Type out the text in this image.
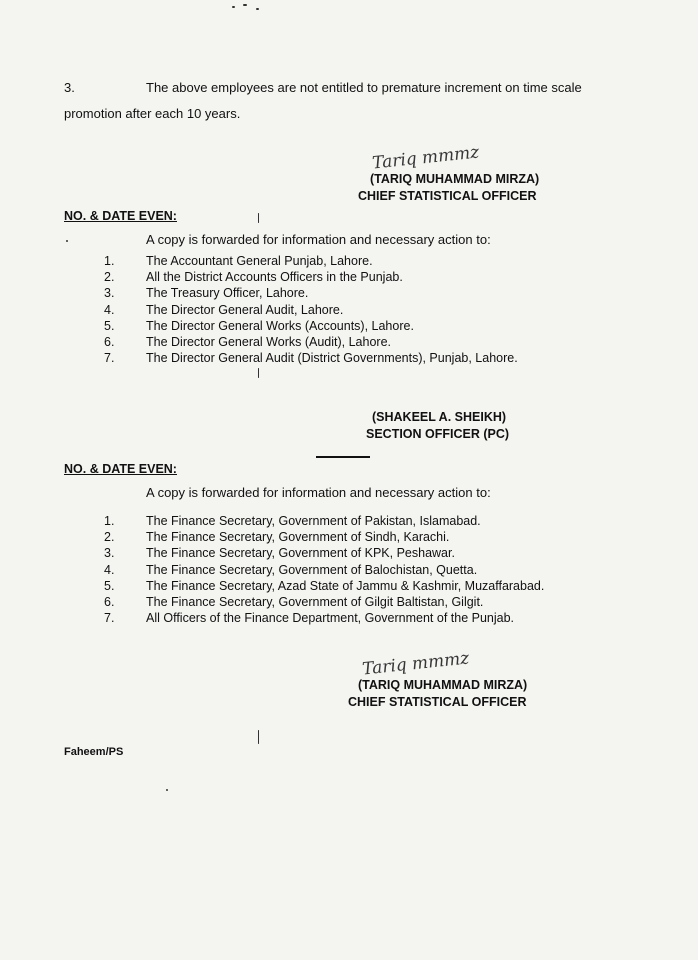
3.	The above employees are not entitled to premature increment on time scale
promotion after each 10 years.
Tariq mmmz
(TARIQ MUHAMMAD MIRZA)
CHIEF STATISTICAL OFFICER
NO. & DATE EVEN:
A copy is forwarded for information and necessary action to:
1.	The Accountant General Punjab, Lahore.
2.	All the District Accounts Officers in the Punjab.
3.	The Treasury Officer, Lahore.
4.	The Director General Audit, Lahore.
5.	The Director General Works (Accounts), Lahore.
6.	The Director General Works (Audit), Lahore.
7.	The Director General Audit (District Governments), Punjab, Lahore.
(SHAKEEL A. SHEIKH)
SECTION OFFICER (PC)
NO. & DATE EVEN:
A copy is forwarded for information and necessary action to:
1.	The Finance Secretary, Government of Pakistan, Islamabad.
2.	The Finance Secretary, Government of Sindh, Karachi.
3.	The Finance Secretary, Government of KPK, Peshawar.
4.	The Finance Secretary, Government of Balochistan, Quetta.
5.	The Finance Secretary, Azad State of Jammu & Kashmir, Muzaffarabad.
6.	The Finance Secretary, Government of Gilgit Baltistan, Gilgit.
7.	All Officers of the Finance Department, Government of the Punjab.
Tariq mmmz
(TARIQ MUHAMMAD MIRZA)
CHIEF STATISTICAL OFFICER
Faheem/PS
